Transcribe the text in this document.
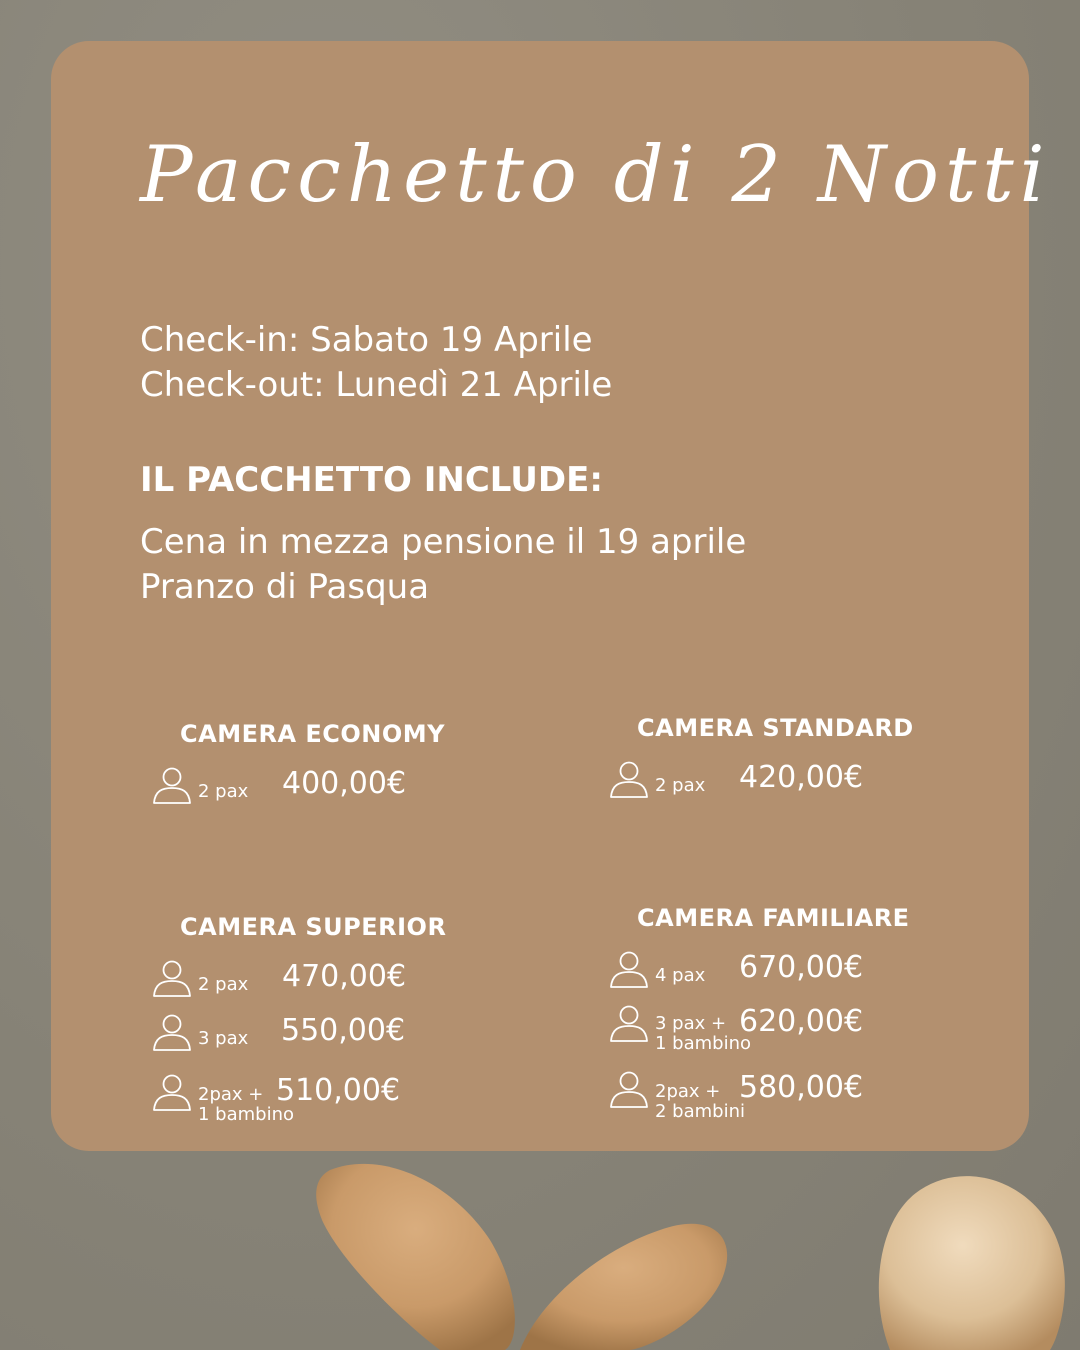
Pacchetto di 2 Notti
Check-in: Sabato 19 Aprile
Check-out: Lunedì 21 Aprile
IL PACCHETTO INCLUDE:
Cena in mezza pensione il 19 aprile
Pranzo di Pasqua
CAMERA ECONOMY
2 pax 400,00€
CAMERA STANDARD
2 pax 420,00€
CAMERA SUPERIOR
2 pax 470,00€
3 pax 550,00€
2pax +
1 bambino
510,00€
CAMERA FAMILIARE
4 pax 670,00€
3 pax +
1 bambino
620,00€
2pax +
2 bambini
580,00€
